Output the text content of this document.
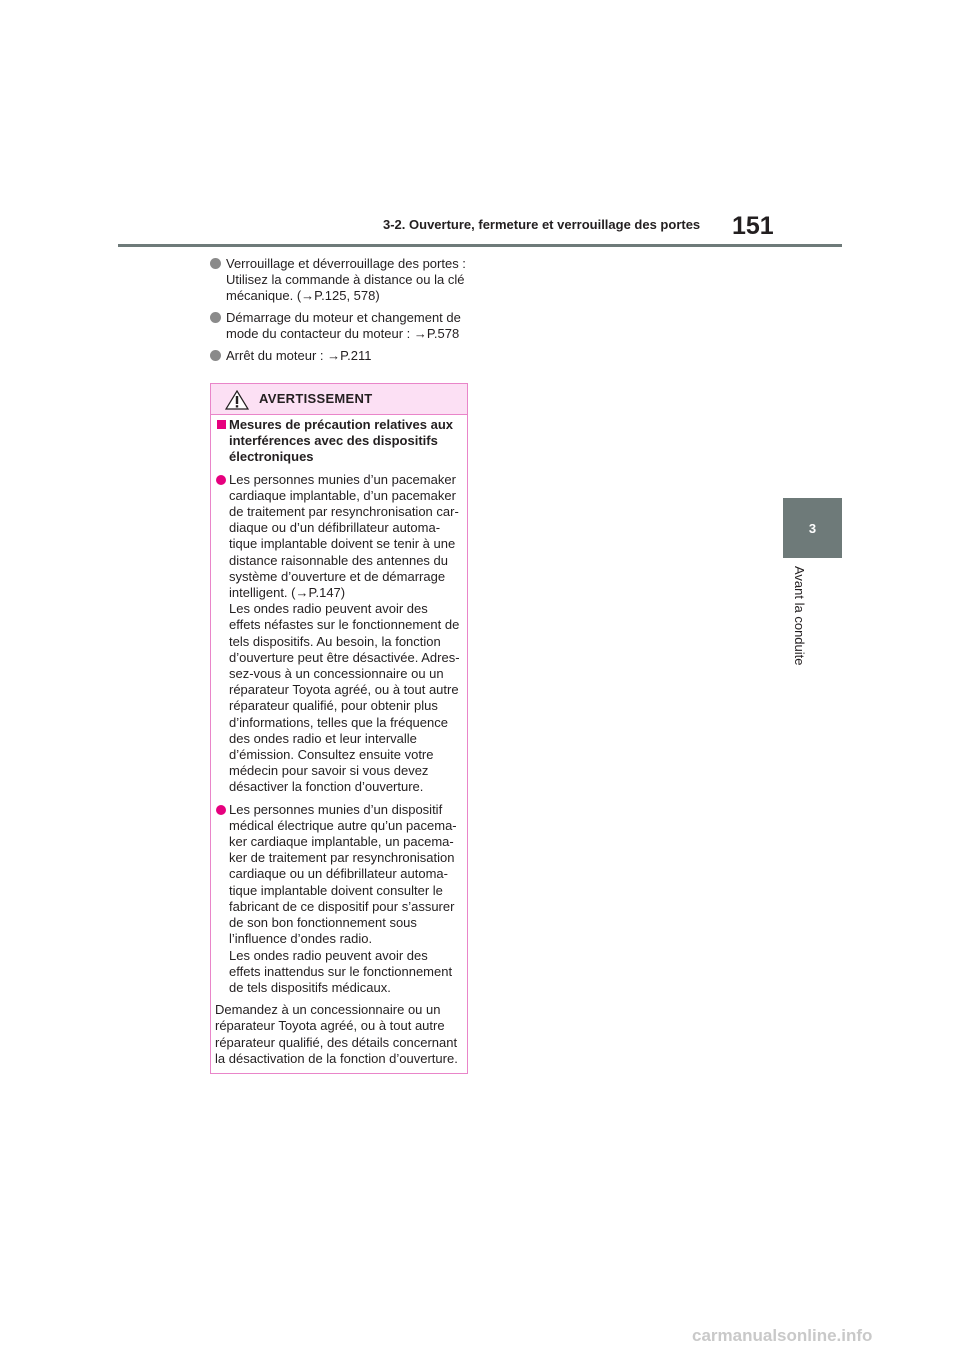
3-2. Ouverture, fermeture et verrouillage des portes 151
3
Avant la conduite
Verrouillage et déverrouillage des portes :
Utilisez la commande à distance ou la clé
mécanique. (→P.125, 578)
Démarrage du moteur et changement de
mode du contacteur du moteur : →P.578
Arrêt du moteur : →P.211
AVERTISSEMENT
Mesures de précaution relatives aux
interférences avec des dispositifs
électroniques
Les personnes munies d’un pacemaker
cardiaque implantable, d’un pacemaker
de traitement par resynchronisation car-
diaque ou d’un défibrillateur automa-
tique implantable doivent se tenir à une
distance raisonnable des antennes du
système d’ouverture et de démarrage
intelligent. (→P.147)
Les ondes radio peuvent avoir des
effets néfastes sur le fonctionnement de
tels dispositifs. Au besoin, la fonction
d’ouverture peut être désactivée. Adres-
sez-vous à un concessionnaire ou un
réparateur Toyota agréé, ou à tout autre
réparateur qualifié, pour obtenir plus
d’informations, telles que la fréquence
des ondes radio et leur intervalle
d’émission. Consultez ensuite votre
médecin pour savoir si vous devez
désactiver la fonction d’ouverture.
Les personnes munies d’un dispositif
médical électrique autre qu’un pacema-
ker cardiaque implantable, un pacema-
ker de traitement par resynchronisation
cardiaque ou un défibrillateur automa-
tique implantable doivent consulter le
fabricant de ce dispositif pour s’assurer
de son bon fonctionnement sous
l’influence d’ondes radio.
Les ondes radio peuvent avoir des
effets inattendus sur le fonctionnement
de tels dispositifs médicaux.
Demandez à un concessionnaire ou un
réparateur Toyota agréé, ou à tout autre
réparateur qualifié, des détails concernant
la désactivation de la fonction d’ouverture.
carmanualsonline.info
